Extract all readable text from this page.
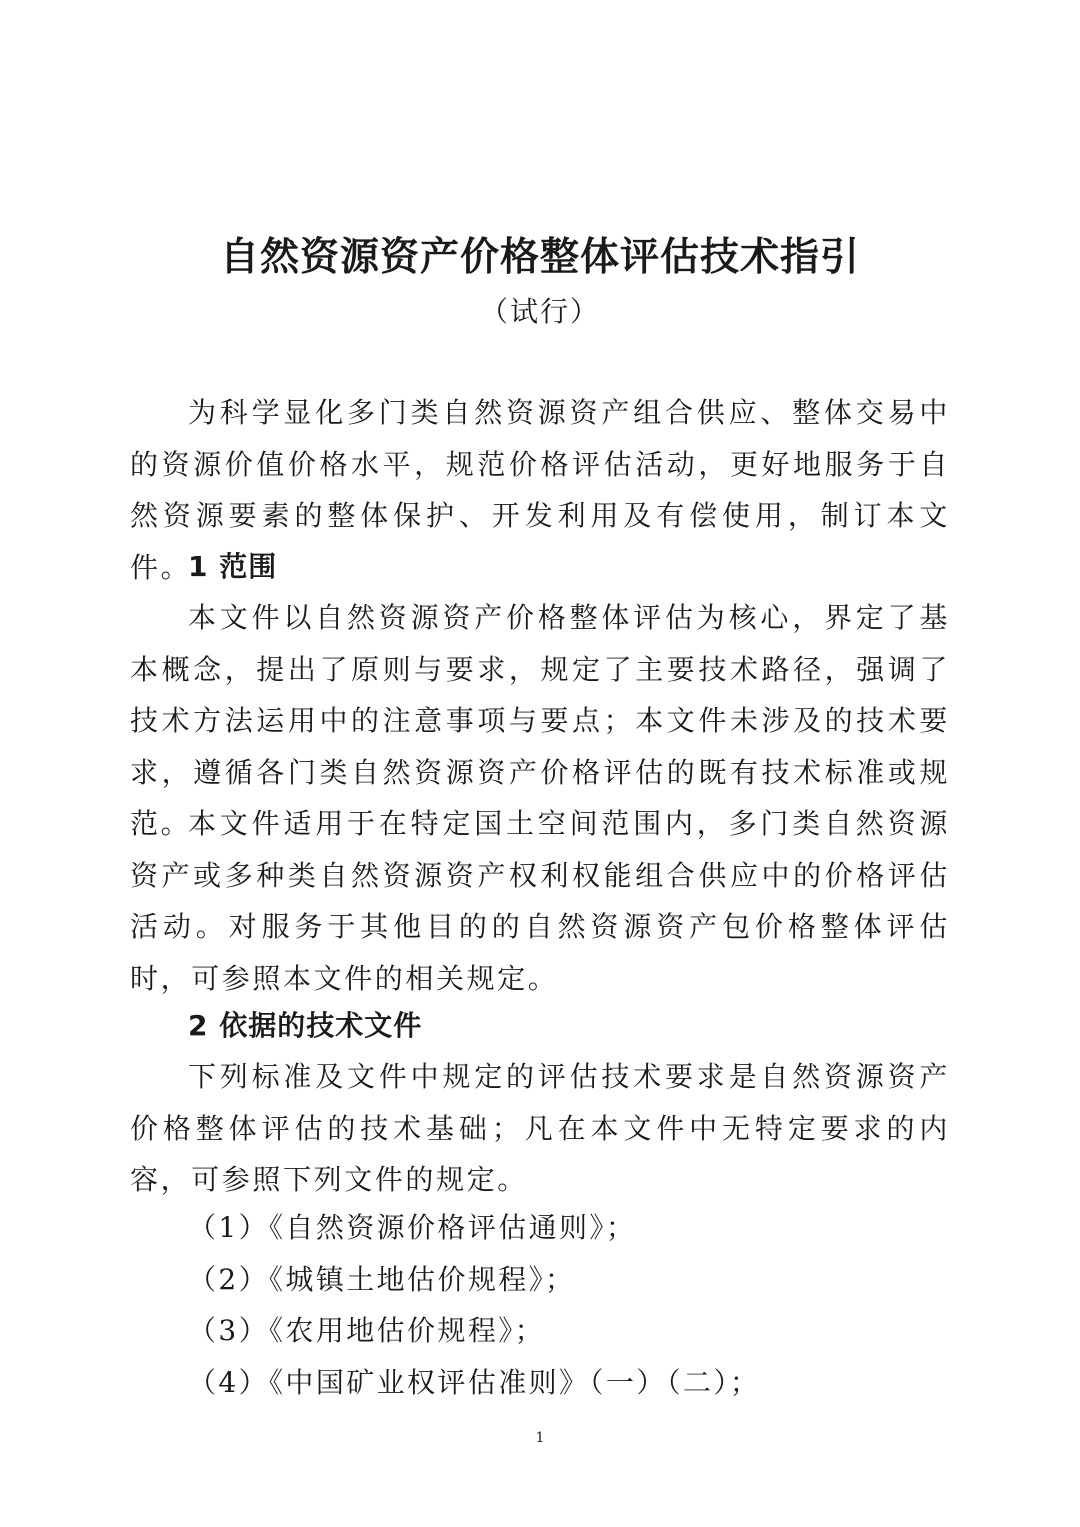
自然资源资产价格整体评估技术指引
（试行）

为科学显化多门类自然资源资产组合供应、整体交易中的资源价值价格水平，规范价格评估活动，更好地服务于自然资源要素的整体保护、开发利用及有偿使用，制订本文件。

1 范围

本文件以自然资源资产价格整体评估为核心，界定了基本概念，提出了原则与要求，规定了主要技术路径，强调了技术方法运用中的注意事项与要点；本文件未涉及的技术要求，遵循各门类自然资源资产价格评估的既有技术标准或规范。

本文件适用于在特定国土空间范围内，多门类自然资源资产或多种类自然资源资产权利权能组合供应中的价格评估活动。对服务于其他目的的自然资源资产包价格整体评估时，可参照本文件的相关规定。

2 依据的技术文件

下列标准及文件中规定的评估技术要求是自然资源资产价格整体评估的技术基础；凡在本文件中无特定要求的内容，可参照下列文件的规定。

（1）《自然资源价格评估通则》；
（2）《城镇土地估价规程》；
（3）《农用地估价规程》；
（4）《中国矿业权评估准则》（一）（二）；
1
